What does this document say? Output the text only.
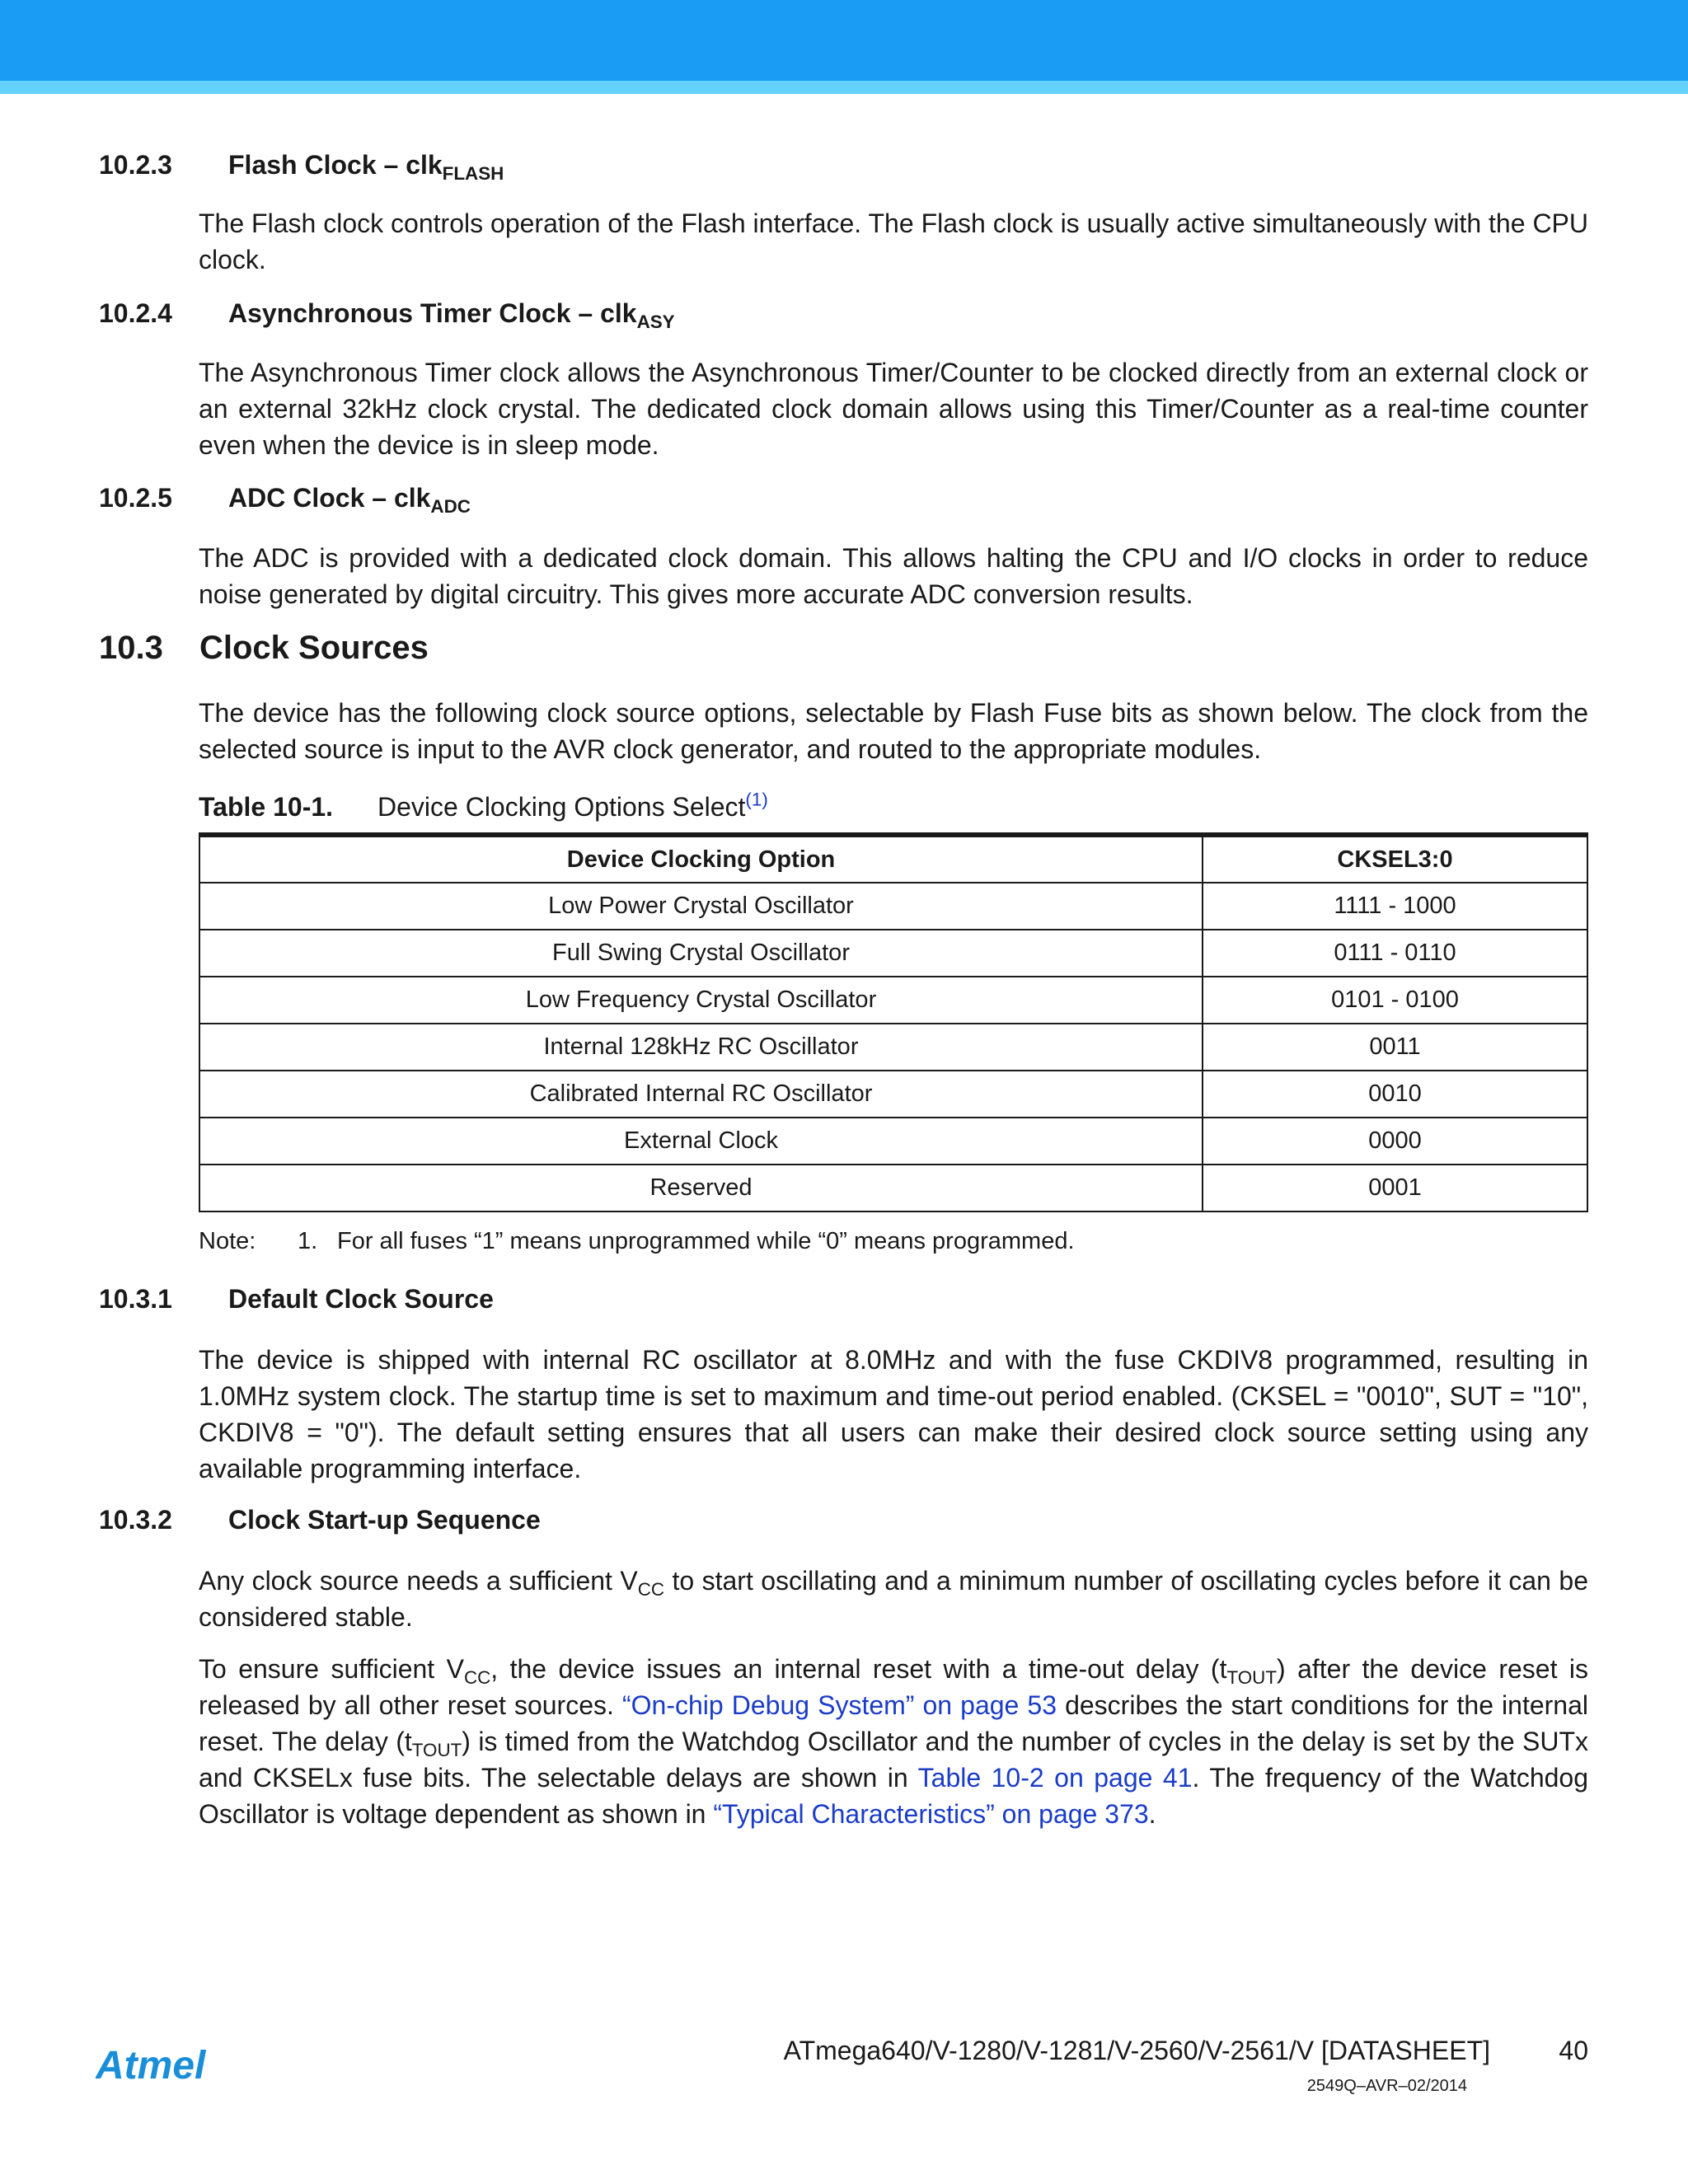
10.2.3	Flash Clock – clk$_{FLASH}$

The Flash clock controls operation of the Flash interface. The Flash clock is usually active simultaneously with the CPU clock.

10.2.4	Asynchronous Timer Clock – clk$_{ASY}$

The Asynchronous Timer clock allows the Asynchronous Timer/Counter to be clocked directly from an external clock or an external 32kHz clock crystal. The dedicated clock domain allows using this Timer/Counter as a real-time counter even when the device is in sleep mode.

10.2.5	ADC Clock – clk$_{ADC}$

The ADC is provided with a dedicated clock domain. This allows halting the CPU and I/O clocks in order to reduce noise generated by digital circuitry. This gives more accurate ADC conversion results.

10.3	Clock Sources

The device has the following clock source options, selectable by Flash Fuse bits as shown below. The clock from the selected source is input to the AVR clock generator, and routed to the appropriate modules.

Table 10-1. Device Clocking Options Select$^{(1)}$
Device Clocking Option	CKSEL3:0
Low Power Crystal Oscillator	1111 - 1000
Full Swing Crystal Oscillator	0111 - 0110
Low Frequency Crystal Oscillator	0101 - 0100
Internal 128kHz RC Oscillator	0011
Calibrated Internal RC Oscillator	0010
External Clock	0000
Reserved	0001
Note: 1. For all fuses “1” means unprogrammed while “0” means programmed.
10.3.1	Default Clock Source

The device is shipped with internal RC oscillator at 8.0MHz and with the fuse CKDIV8 programmed, resulting in 1.0MHz system clock. The startup time is set to maximum and time-out period enabled. (CKSEL = "0010", SUT = "10", CKDIV8 = "0"). The default setting ensures that all users can make their desired clock source setting using any available programming interface.

10.3.2	Clock Start-up Sequence

Any clock source needs a sufficient $V_{CC}$ to start oscillating and a minimum number of oscillating cycles before it can be considered stable.

To ensure sufficient $V_{CC}$, the device issues an internal reset with a time-out delay $(t_{TOUT})$ after the device reset is released by all other reset sources. “On-chip Debug System” on page 53 describes the start conditions for the internal reset. The delay $(t_{TOUT})$ is timed from the Watchdog Oscillator and the number of cycles in the delay is set by the SUTx and CKSELx fuse bits. The selectable delays are shown in Table 10-2 on page 41. The frequency of the Watchdog Oscillator is voltage dependent as shown in “Typical Characteristics” on page 373.

Atmel	ATmega640/V-1280/V-1281/V-2560/V-2561/V [DATASHEET]	40
2549Q–AVR–02/2014
